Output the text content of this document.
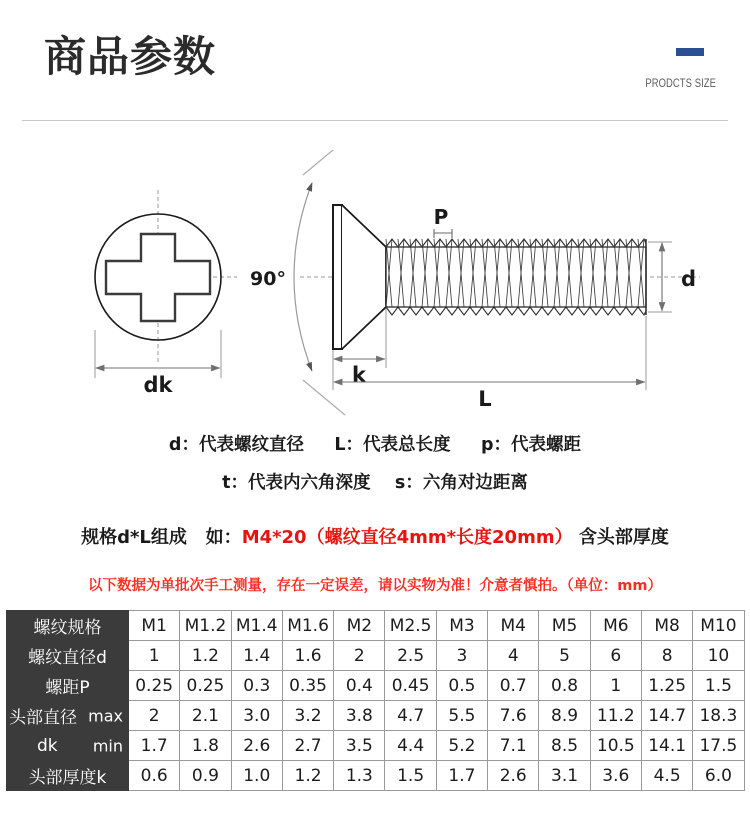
商品参数
PRODCTS SIZE
dk
90°
P
d
k
L
d：代表螺纹直径     L：代表总长度     p：代表螺距
t：代表内六角深度    s：六角对边距离
规格d*L组成   如：M4*20（螺纹直径4mm*长度20mm） 含头部厚度
以下数据为单批次手工测量，存在一定误差，请以实物为准！介意者慎拍。（单位：mm）
螺纹规格	M1	M1.2	M1.4	M1.6	M2	M2.5	M3	M4	M5	M6	M8	M10
螺纹直径d	1	1.2	1.4	1.6	2	2.5	3	4	5	6	8	10
螺距P	0.25	0.25	0.3	0.35	0.4	0.45	0.5	0.7	0.8	1	1.25	1.5
头部直径 max	2	2.1	3.0	3.2	3.8	4.7	5.5	7.6	8.9	11.2	14.7	18.3
dk min	1.7	1.8	2.6	2.7	3.5	4.4	5.2	7.1	8.5	10.5	14.1	17.5
头部厚度k	0.6	0.9	1.0	1.2	1.3	1.5	1.7	2.6	3.1	3.6	4.5	6.0
